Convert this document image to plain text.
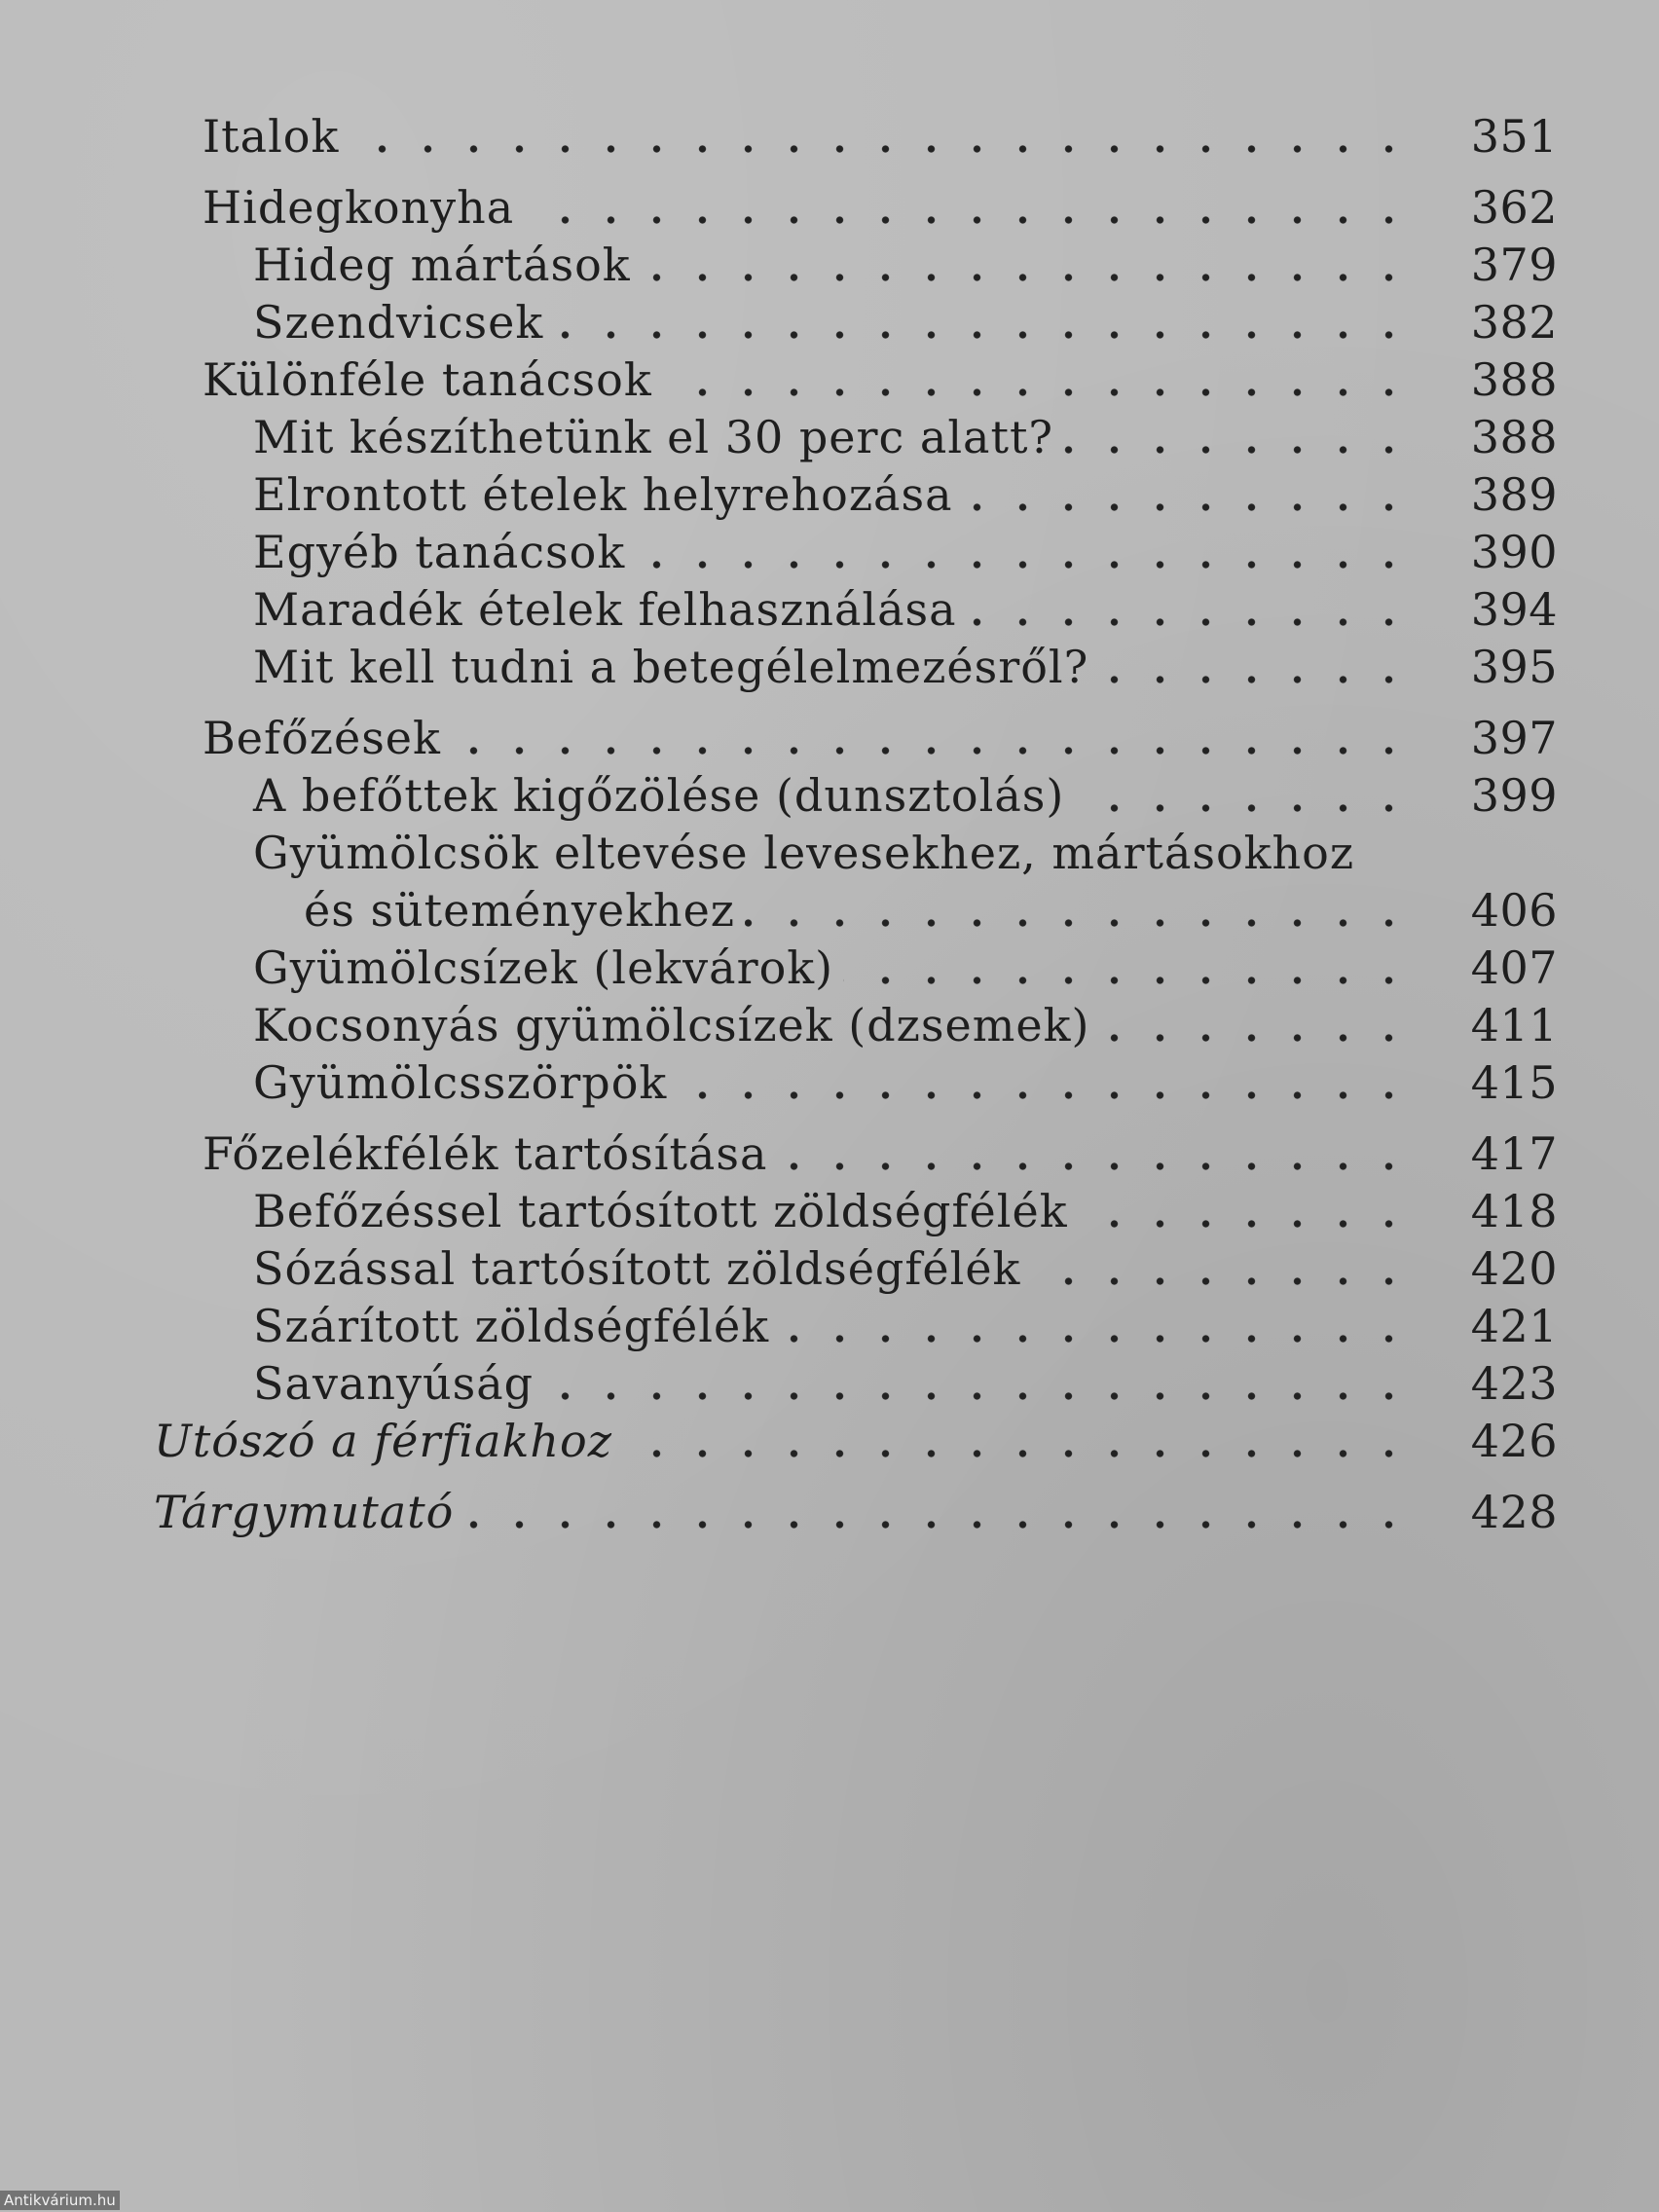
Italok	351
Hidegkonyha	362
Hideg mártások	379
Szendvicsek	382
Különféle tanácsok	388
Mit készíthetünk el 30 perc alatt?	388
Elrontott ételek helyrehozása	389
Egyéb tanácsok	390
Maradék ételek felhasználása	394
Mit kell tudni a betegélelmezésről?	395
Befőzések	397
A befőttek kigőzölése (dunsztolás)	399
Gyümölcsök eltevése levesekhez, mártásokhoz
és süteményekhez	406
Gyümölcsízek (lekvárok)	407
Kocsonyás gyümölcsízek (dzsemek)	411
Gyümölcsszörpök	415
Főzelékfélék tartósítása	417
Befőzéssel tartósított zöldségfélék	418
Sózással tartósított zöldségfélék	420
Szárított zöldségfélék	421
Savanyúság	423
Utószó a férfiakhoz	426
Tárgymutató	428
Antikvárium.hu
